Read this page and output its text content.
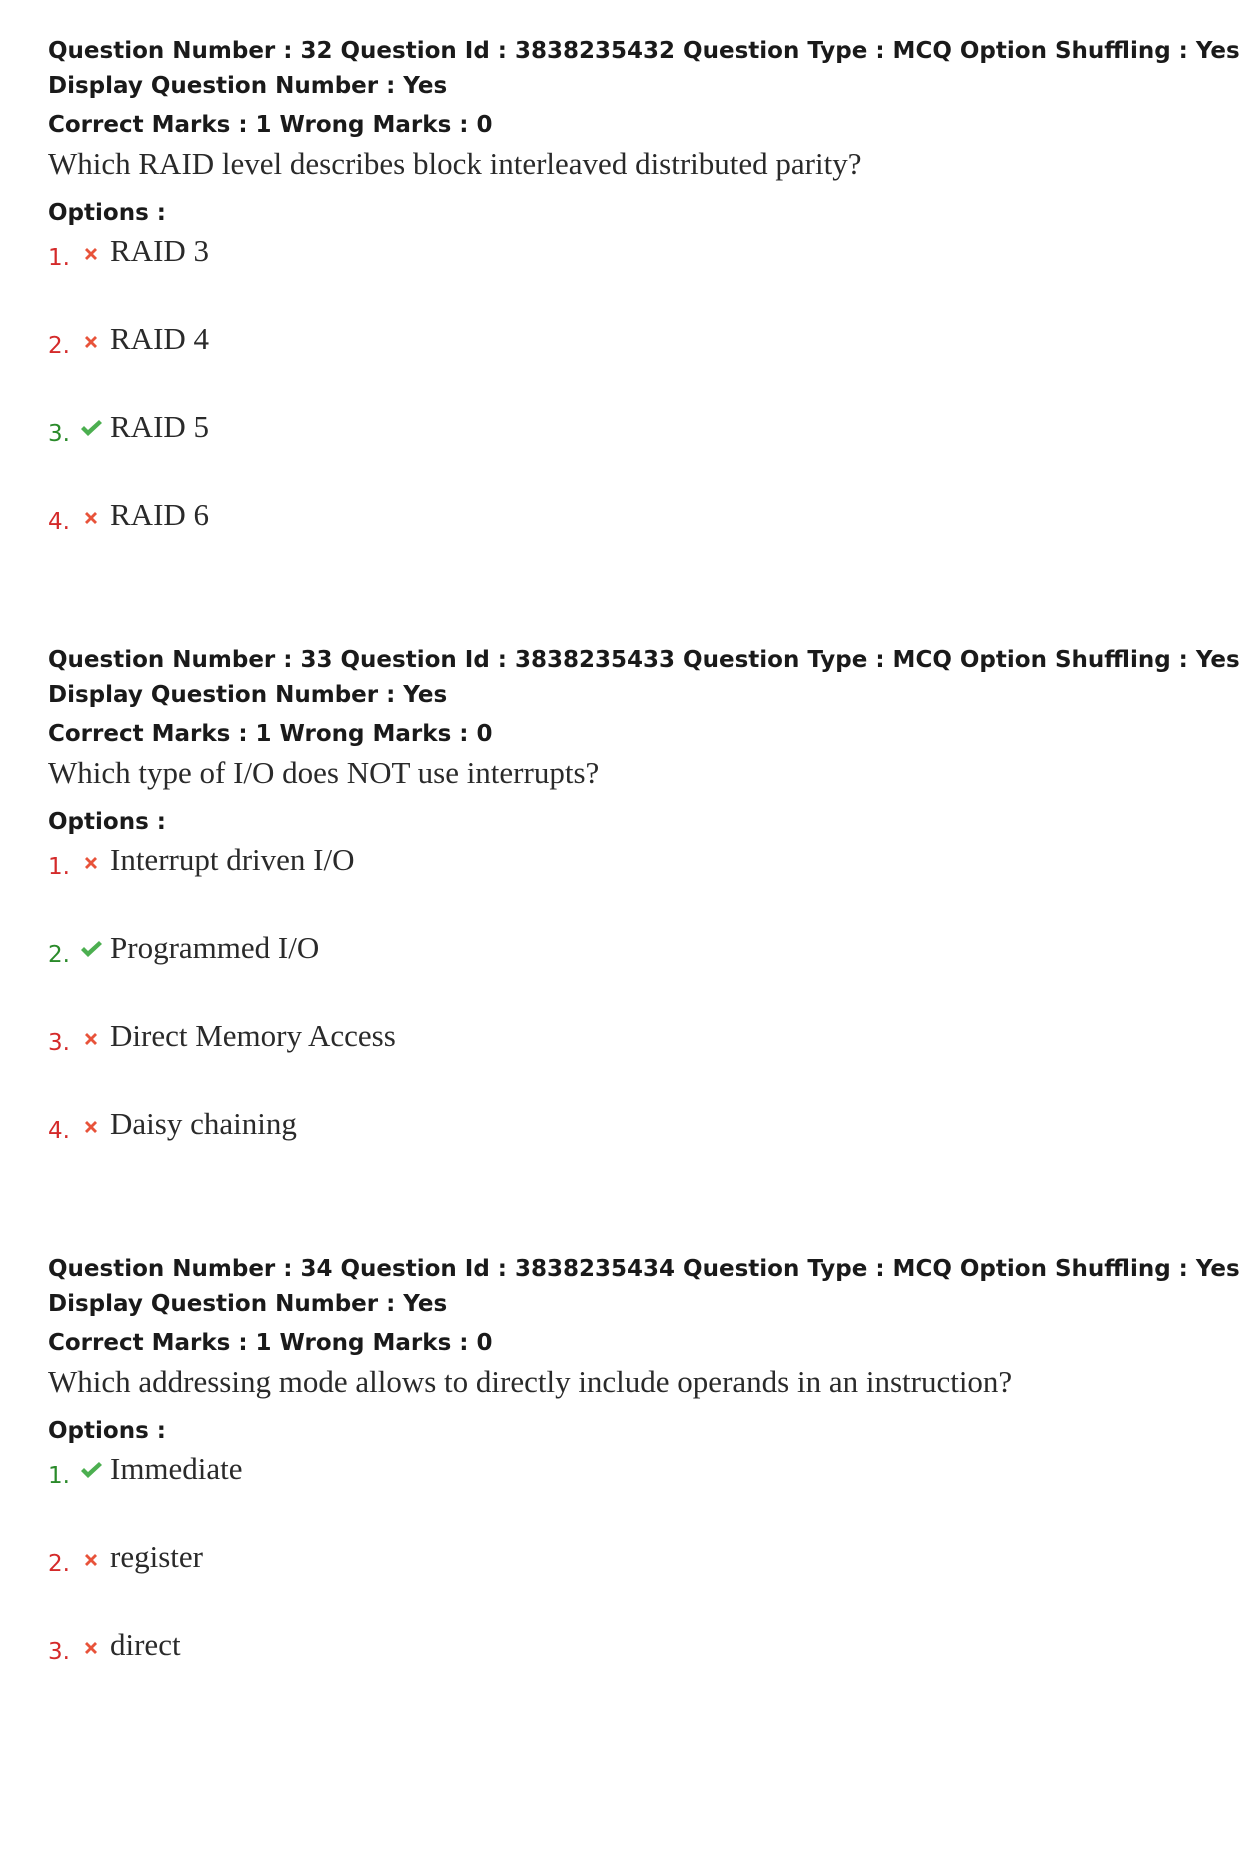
Question Number : 32 Question Id : 3838235432 Question Type : MCQ Option Shuffling : Yes
Display Question Number : Yes
Correct Marks : 1 Wrong Marks : 0
Which RAID level describes block interleaved distributed parity?
Options :
1. RAID 3
2. RAID 4
3. RAID 5
4. RAID 6
Question Number : 33 Question Id : 3838235433 Question Type : MCQ Option Shuffling : Yes
Display Question Number : Yes
Correct Marks : 1 Wrong Marks : 0
Which type of I/O does NOT use interrupts?
Options :
1. Interrupt driven I/O
2. Programmed I/O
3. Direct Memory Access
4. Daisy chaining
Question Number : 34 Question Id : 3838235434 Question Type : MCQ Option Shuffling : Yes
Display Question Number : Yes
Correct Marks : 1 Wrong Marks : 0
Which addressing mode allows to directly include operands in an instruction?
Options :
1. Immediate
2. register
3. direct
